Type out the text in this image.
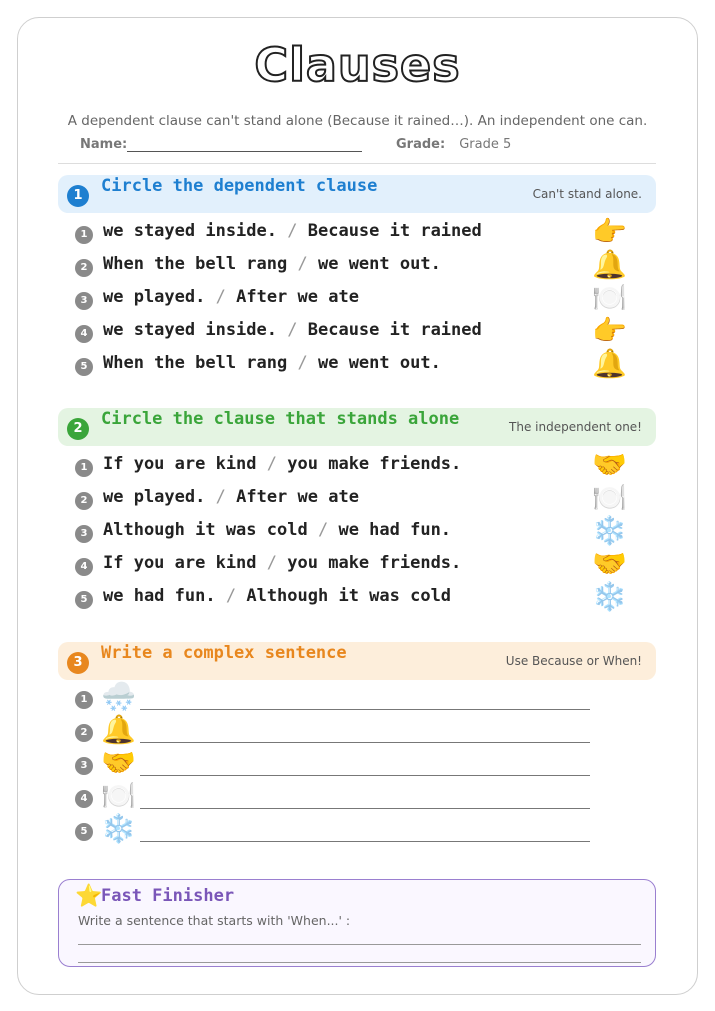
Clauses
A dependent clause can't stand alone (Because it rained…). An independent one can.
Name:	Grade: Grade 5
1	Circle the dependent clause	Can't stand alone.
1 we stayed inside. / Because it rained	👉
2 When the bell rang / we went out.	🔔
3 we played. / After we ate	🍽️
4 we stayed inside. / Because it rained	👉
5 When the bell rang / we went out.	🔔
2	Circle the clause that stands alone	The independent one!
1 If you are kind / you make friends.	🤝
2 we played. / After we ate	🍽️
3 Although it was cold / we had fun.	❄️
4 If you are kind / you make friends.	🤝
5 we had fun. / Although it was cold	❄️
3	Write a complex sentence	Use Because or When!
1 🌨️
2 🔔
3 🤝
4 🍽️
5 ❄️
⭐
Fast Finisher
Write a sentence that starts with 'When...' :
